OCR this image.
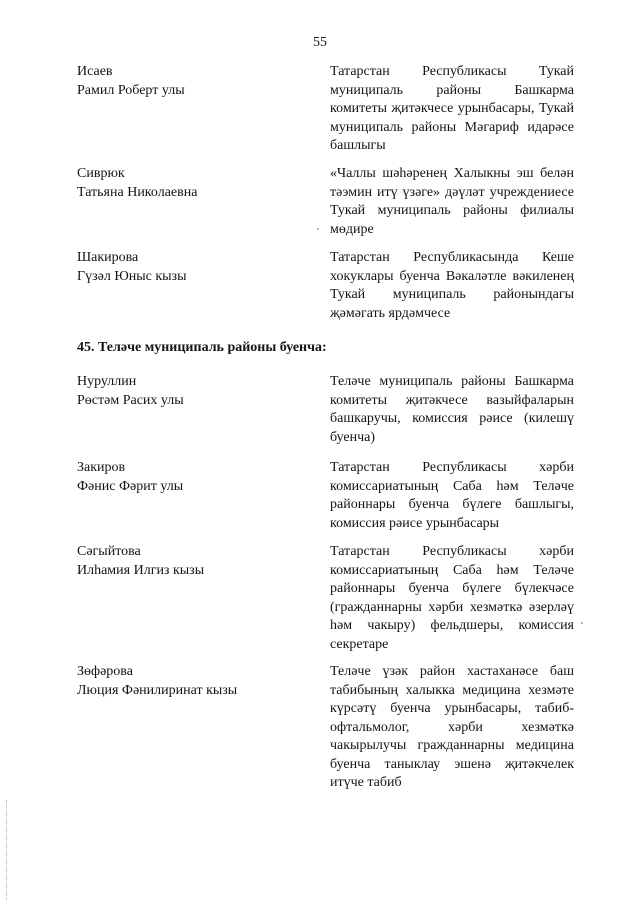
55
Исаев
Рамил Роберт улы
Татарстан Республикасы Тукай муниципаль районы Башкарма комитеты җитәкчесе урынбасары, Тукай муниципаль районы Мәгариф идарәсе башлыгы
Сиврюк
Татьяна Николаевна
«Чаллы шәһәренең Халыкны эш белән тәэмин итү үзәге» дәүләт учреждениесе Тукай муниципаль районы филиалы мөдире
Шакирова
Гүзәл Юныс кызы
Татарстан Республикасында Кеше хокуклары буенча Вәкаләтле вәкиленең Тукай муниципаль районындагы җәмәгать ярдәмчесе
45. Теләче муниципаль районы буенча:
Нуруллин
Рөстәм Расих улы
Теләче муниципаль районы Башкарма комитеты җитәкчесе вазыйфаларын башкаручы, комиссия рәисе (килешү буенча)
Закиров
Фәнис Фәрит улы
Татарстан Республикасы хәрби комиссариатының Саба һәм Теләче районнары буенча бүлеге башлыгы, комиссия рәисе урынбасары
Сәгыйтова
Илһамия Илгиз кызы
Татарстан Республикасы хәрби комиссариатының Саба һәм Теләче районнары буенча бүлеге бүлекчәсе (гражданнарны хәрби хезмәткә әзерләү һәм чакыру) фельдшеры, комиссия секретаре
Зөфәрова
Люция Фәнилиринат кызы
Теләче үзәк район хастаханәсе баш табибының халыкка медицина хезмәте күрсәтү буенча урынбасары, табиб-офтальмолог, хәрби хезмәткә чакырылучы гражданнарны медицина буенча таныклау эшенә җитәкчелек итүче табиб
